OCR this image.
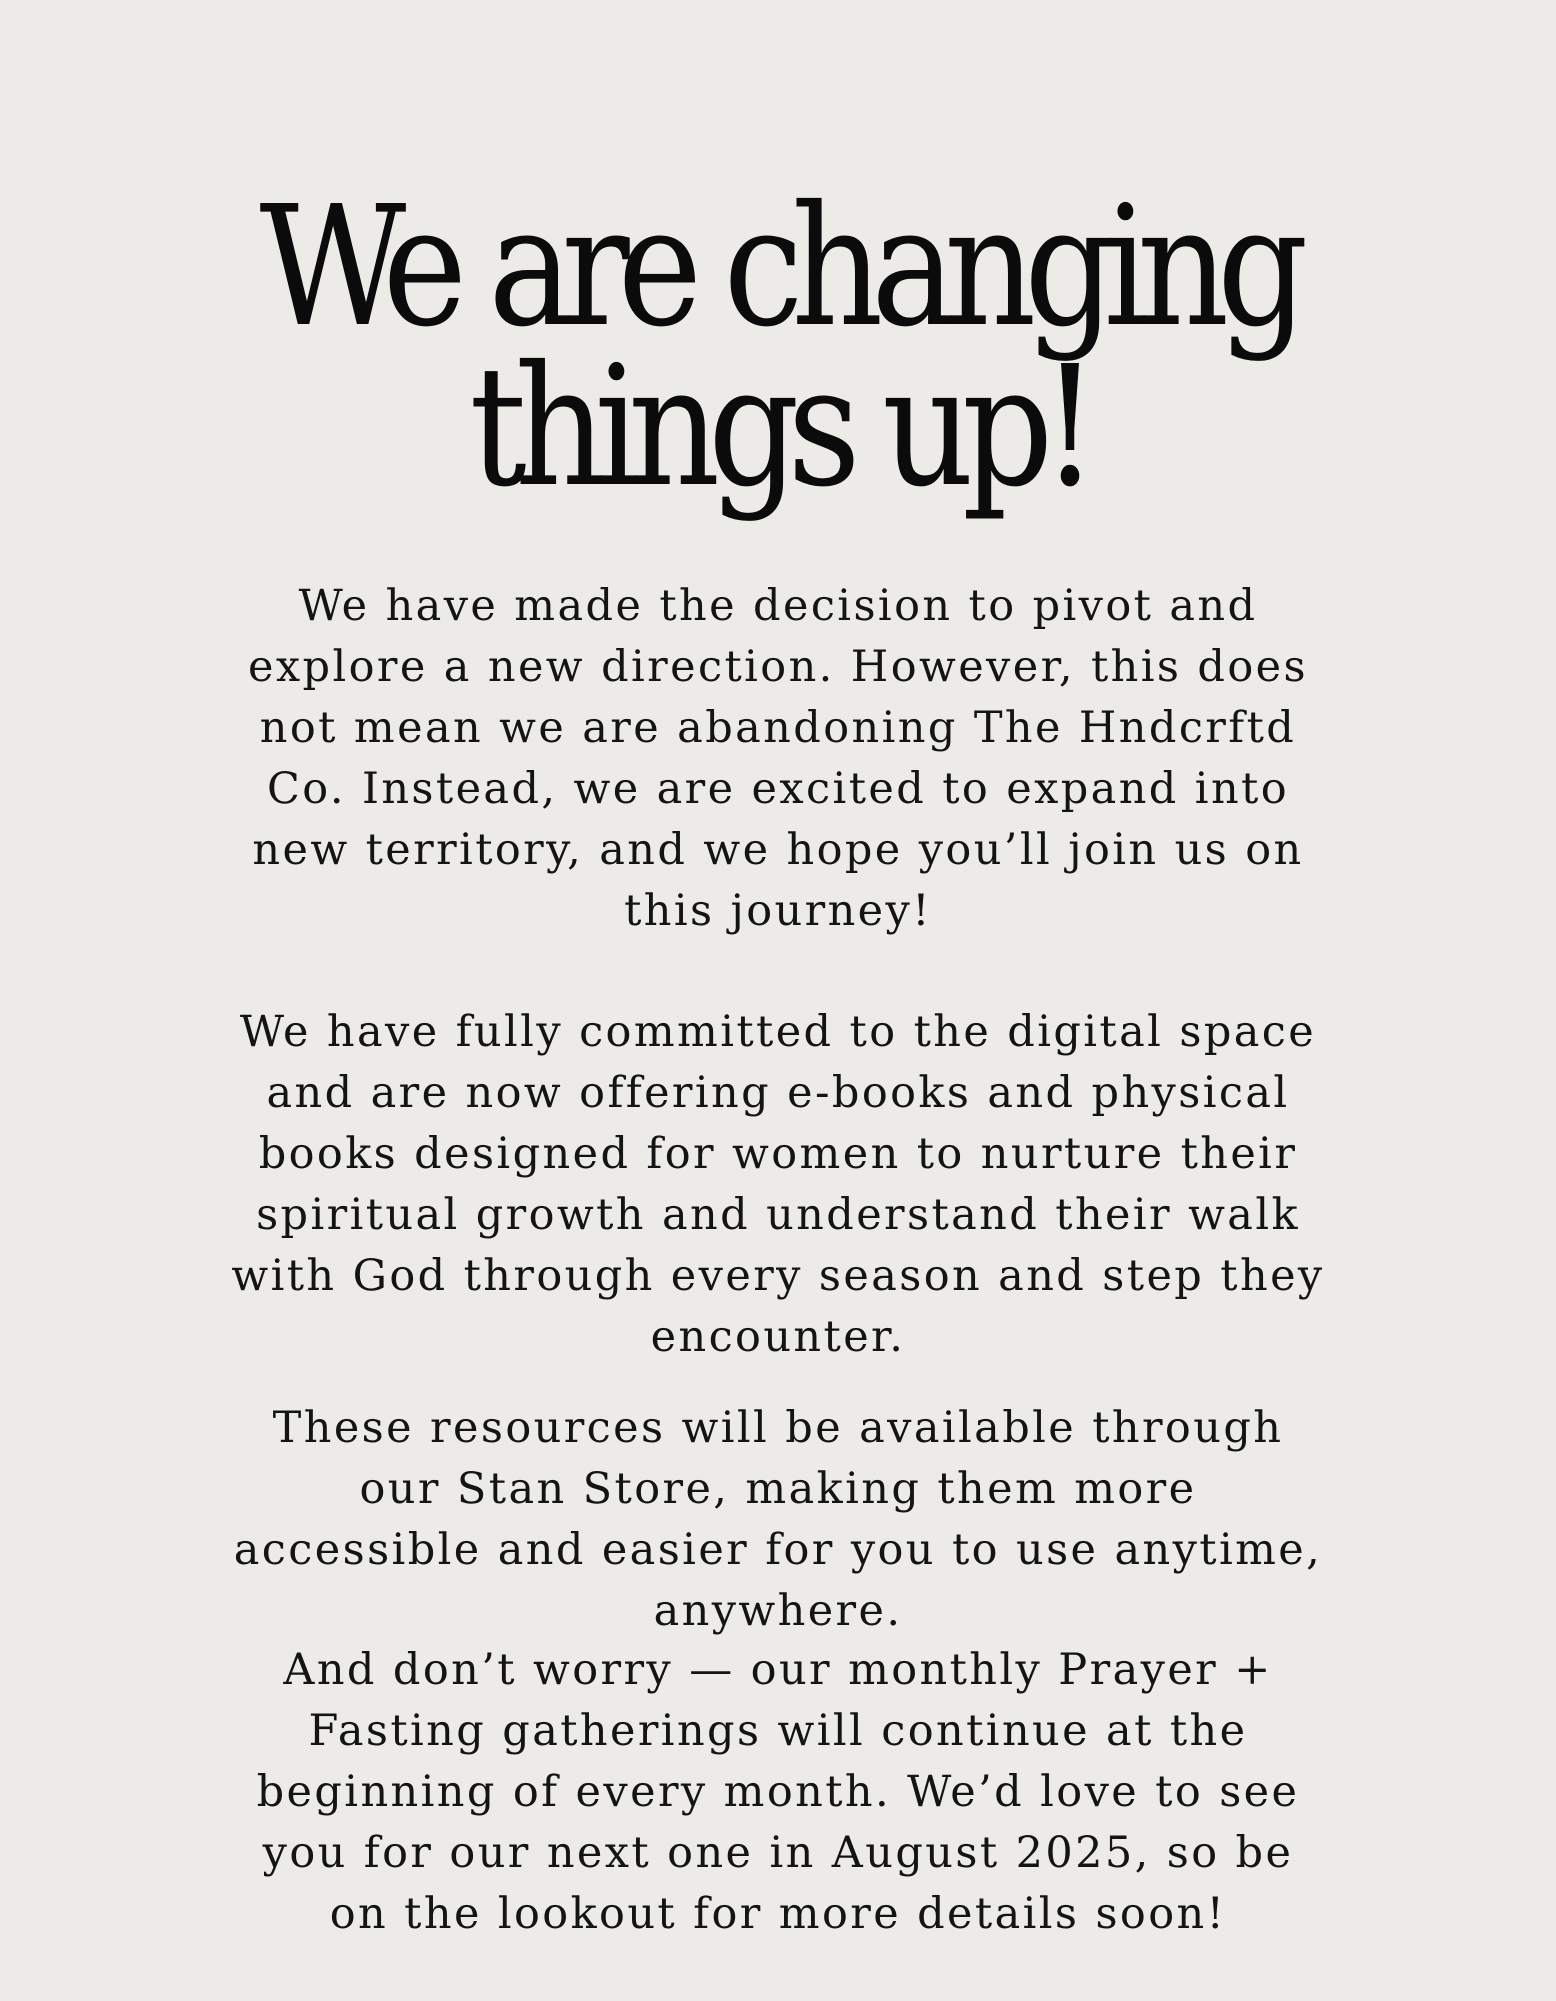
We are changing
things up!

We have made the decision to pivot and explore a new direction. However, this does not mean we are abandoning The Hndcrftd Co. Instead, we are excited to expand into new territory, and we hope you’ll join us on this journey!

We have fully committed to the digital space and are now offering e-books and physical books designed for women to nurture their spiritual growth and understand their walk with God through every season and step they encounter.

These resources will be available through our Stan Store, making them more accessible and easier for you to use anytime, anywhere.

And don’t worry — our monthly Prayer + Fasting gatherings will continue at the beginning of every month. We’d love to see you for our next one in August 2025, so be on the lookout for more details soon!
